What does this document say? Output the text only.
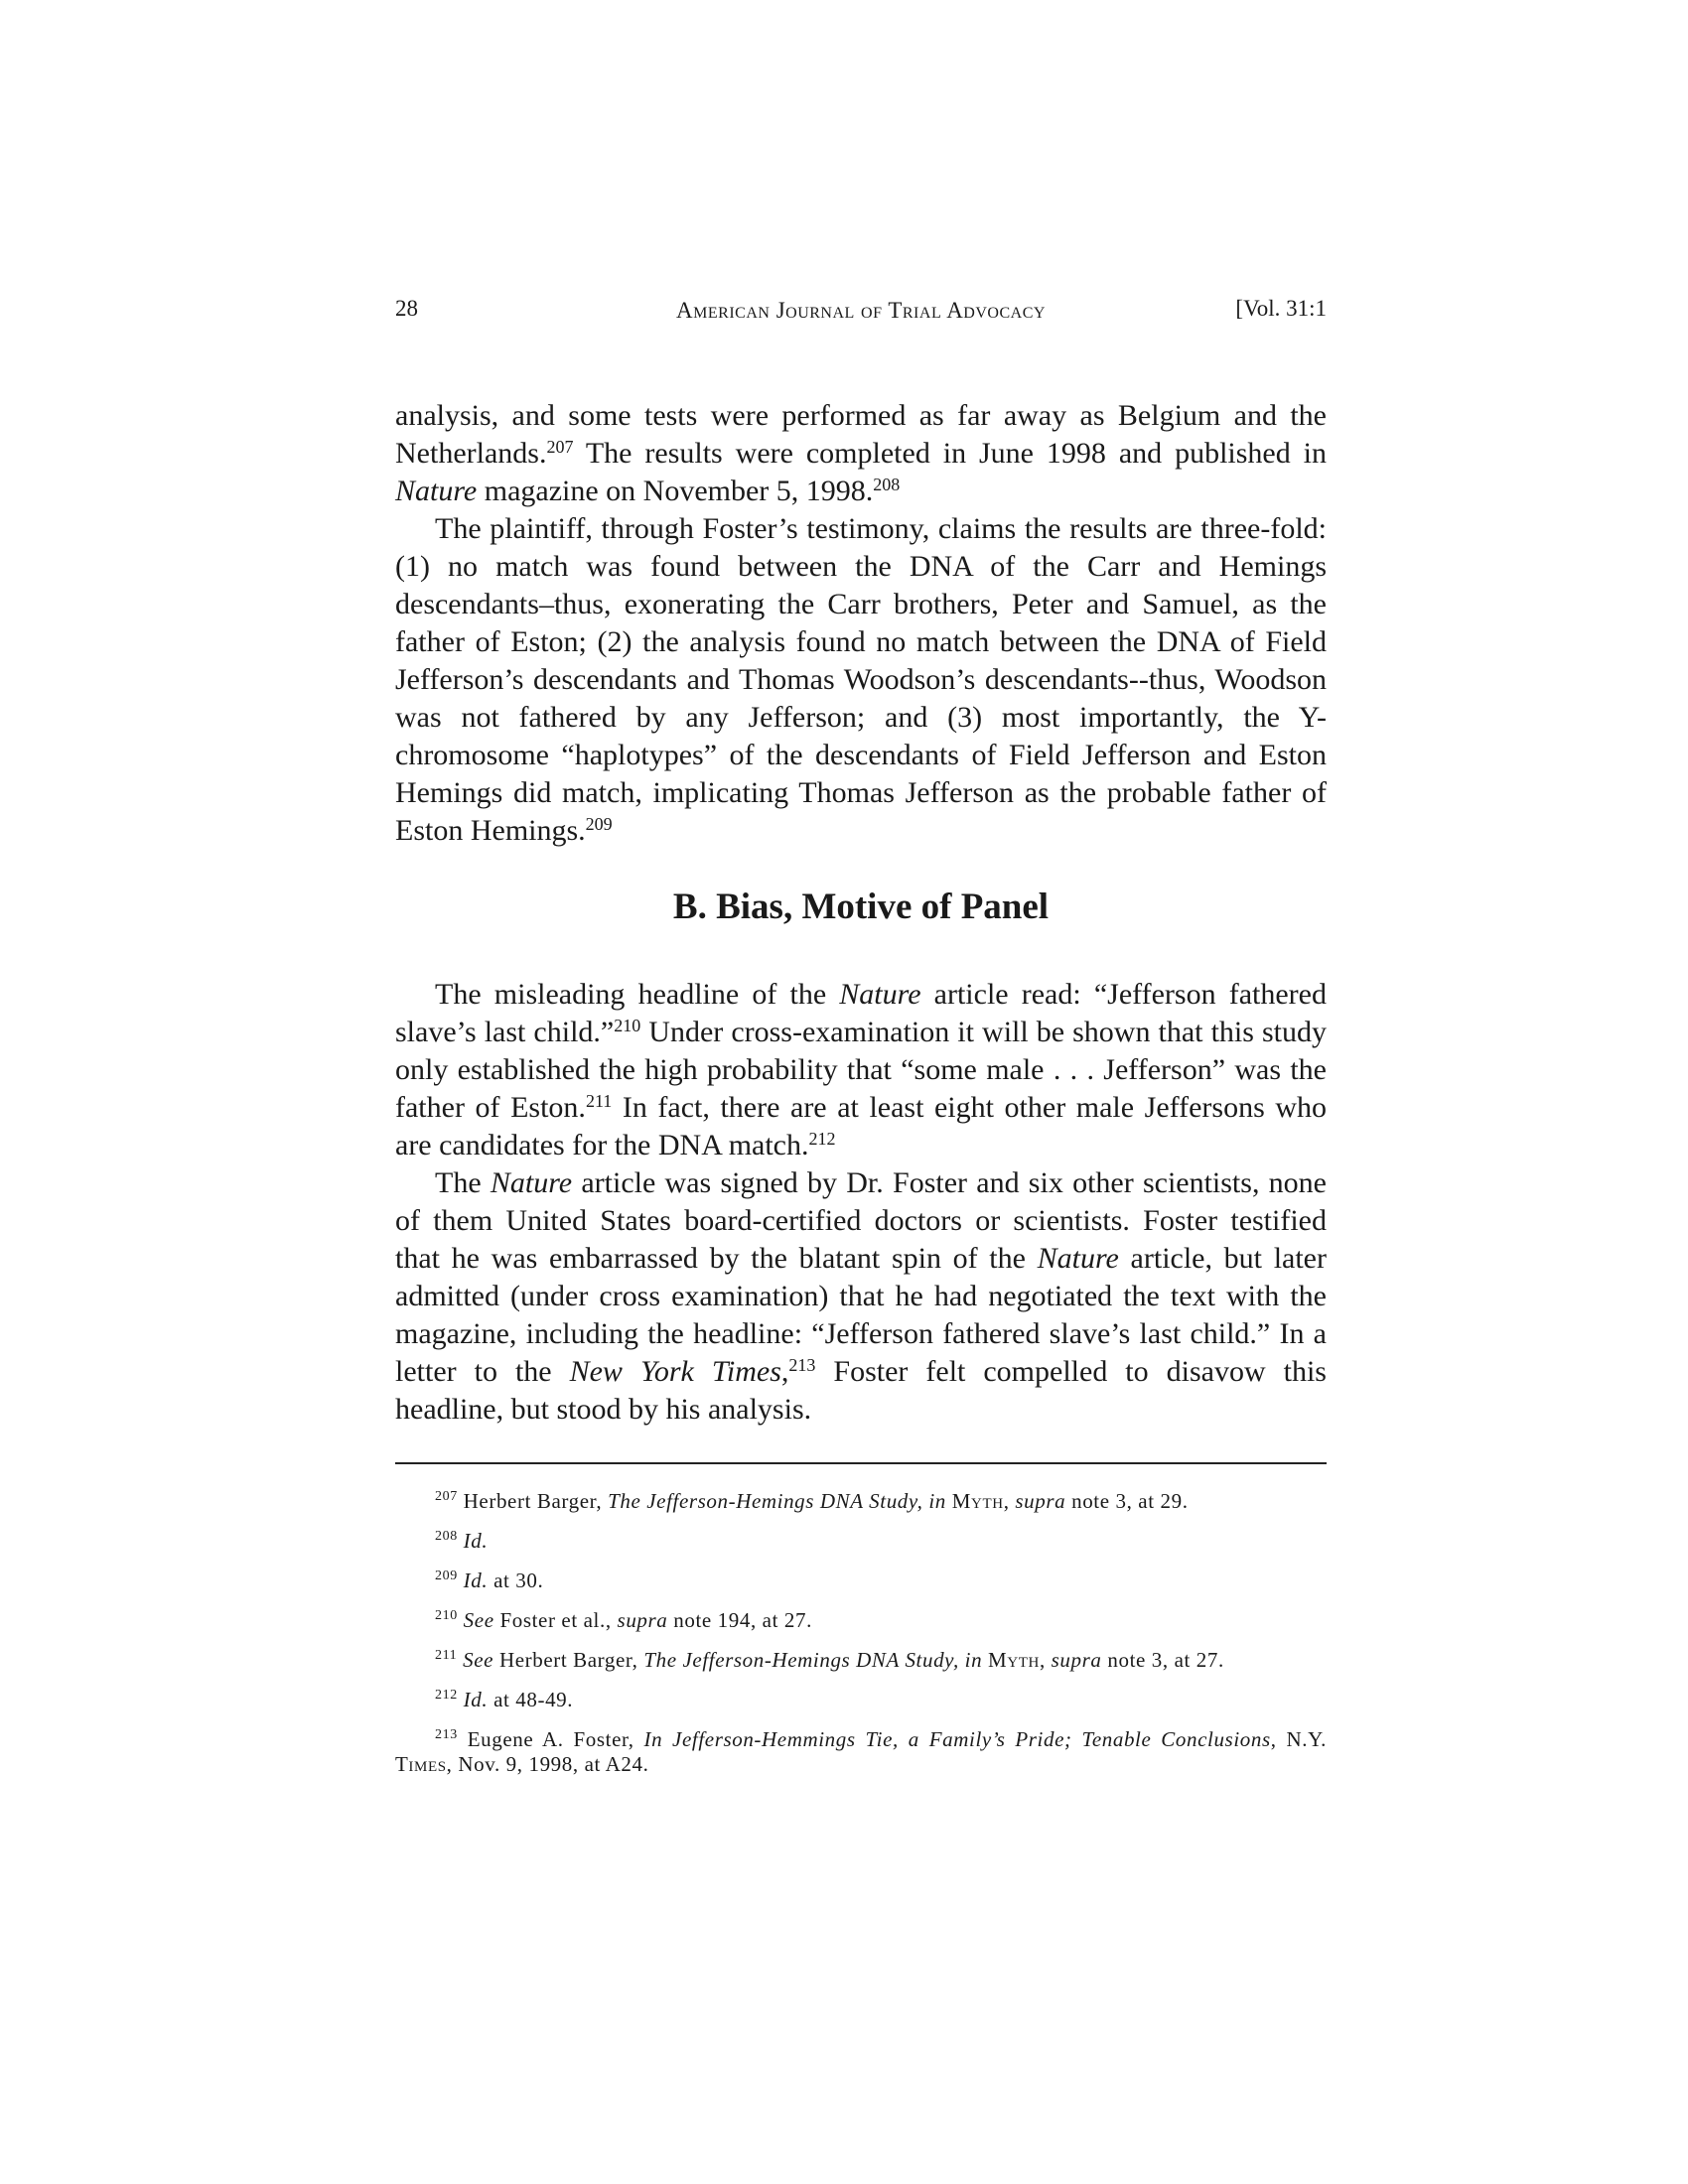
28	American Journal of Trial Advocacy	[Vol. 31:1

analysis, and some tests were performed as far away as Belgium and the Netherlands.$^{207}$ The results were completed in June 1998 and published in Nature magazine on November 5, 1998.$^{208}$

The plaintiff, through Foster’s testimony, claims the results are three-fold: (1) no match was found between the DNA of the Carr and Hemings descendants–thus, exonerating the Carr brothers, Peter and Samuel, as the father of Eston; (2) the analysis found no match between the DNA of Field Jefferson’s descendants and Thomas Woodson’s descendants--thus, Woodson was not fathered by any Jefferson; and (3) most importantly, the Y-chromosome “haplotypes” of the descendants of Field Jefferson and Eston Hemings did match, implicating Thomas Jefferson as the probable father of Eston Hemings.$^{209}$

B. Bias, Motive of Panel

The misleading headline of the Nature article read: “Jefferson fathered slave’s last child.”$^{210}$ Under cross-examination it will be shown that this study only established the high probability that “some male . . . Jefferson” was the father of Eston.$^{211}$ In fact, there are at least eight other male Jeffersons who are candidates for the DNA match.$^{212}$

The Nature article was signed by Dr. Foster and six other scientists, none of them United States board-certified doctors or scientists. Foster testified that he was embarrassed by the blatant spin of the Nature article, but later admitted (under cross examination) that he had negotiated the text with the magazine, including the headline: “Jefferson fathered slave’s last child.” In a letter to the New York Times,$^{213}$ Foster felt compelled to disavow this headline, but stood by his analysis.

$^{207}$ Herbert Barger, The Jefferson-Hemings DNA Study, in Myth, supra note 3, at 29.

$^{208}$ Id.

$^{209}$ Id. at 30.

$^{210}$ See Foster et al., supra note 194, at 27.

$^{211}$ See Herbert Barger, The Jefferson-Hemings DNA Study, in Myth, supra note 3, at 27.

$^{212}$ Id. at 48-49.

$^{213}$ Eugene A. Foster, In Jefferson-Hemmings Tie, a Family’s Pride; Tenable Conclusions, N.Y. Times, Nov. 9, 1998, at A24.
